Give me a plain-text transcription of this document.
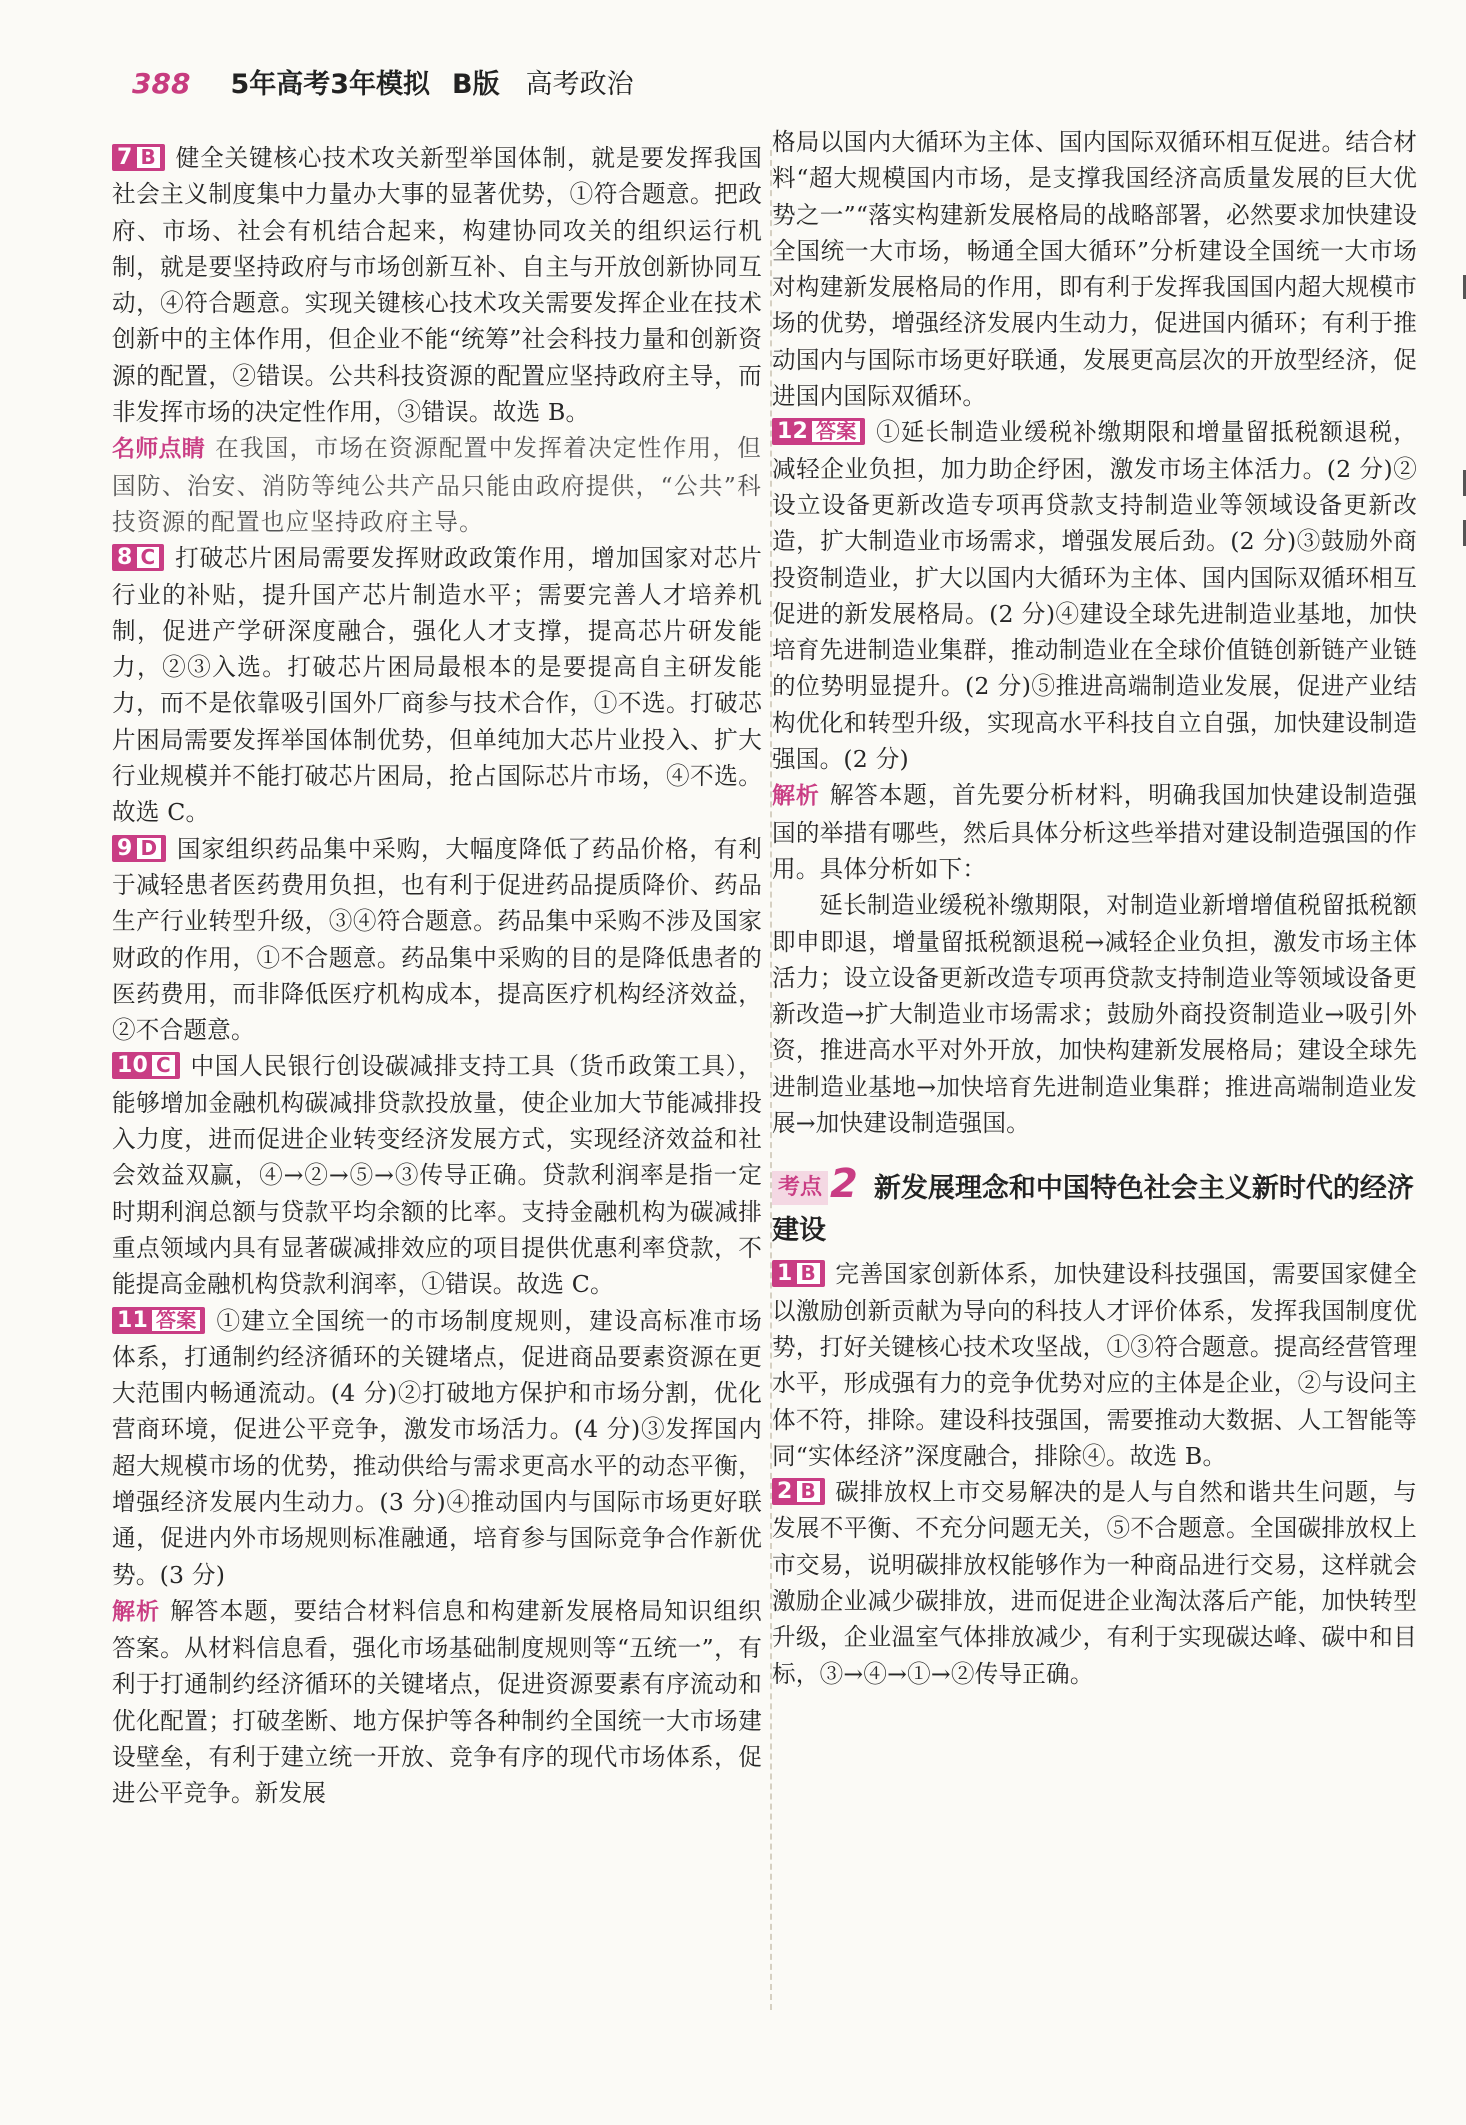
388 5年高考3年模拟 B版 高考政治

7 B 健全关键核心技术攻关新型举国体制，就是要发挥我国社会主义制度集中力量办大事的显著优势，①符合题意。把政府、市场、社会有机结合起来，构建协同攻关的组织运行机制，就是要坚持政府与市场创新互补、自主与开放创新协同互动，④符合题意。实现关键核心技术攻关需要发挥企业在技术创新中的主体作用，但企业不能“统筹”社会科技力量和创新资源的配置，②错误。公共科技资源的配置应坚持政府主导，而非发挥市场的决定性作用，③错误。故选 B。

名师点睛 在我国，市场在资源配置中发挥着决定性作用，但国防、治安、消防等纯公共产品只能由政府提供，“公共”科技资源的配置也应坚持政府主导。

8 C 打破芯片困局需要发挥财政政策作用，增加国家对芯片行业的补贴，提升国产芯片制造水平；需要完善人才培养机制，促进产学研深度融合，强化人才支撑，提高芯片研发能力，②③入选。打破芯片困局最根本的是要提高自主研发能力，而不是依靠吸引国外厂商参与技术合作，①不选。打破芯片困局需要发挥举国体制优势，但单纯加大芯片业投入、扩大行业规模并不能打破芯片困局，抢占国际芯片市场，④不选。故选 C。

9 D 国家组织药品集中采购，大幅度降低了药品价格，有利于减轻患者医药费用负担，也有利于促进药品提质降价、药品生产行业转型升级，③④符合题意。药品集中采购不涉及国家财政的作用，①不合题意。药品集中采购的目的是降低患者的医药费用，而非降低医疗机构成本，提高医疗机构经济效益，②不合题意。

10 C 中国人民银行创设碳减排支持工具（货币政策工具），能够增加金融机构碳减排贷款投放量，使企业加大节能减排投入力度，进而促进企业转变经济发展方式，实现经济效益和社会效益双赢，④→②→⑤→③传导正确。贷款利润率是指一定时期利润总额与贷款平均余额的比率。支持金融机构为碳减排重点领域内具有显著碳减排效应的项目提供优惠利率贷款，不能提高金融机构贷款利润率，①错误。故选 C。

11 答案 ①建立全国统一的市场制度规则，建设高标准市场体系，打通制约经济循环的关键堵点，促进商品要素资源在更大范围内畅通流动。(4 分)②打破地方保护和市场分割，优化营商环境，促进公平竞争，激发市场活力。(4 分)③发挥国内超大规模市场的优势，推动供给与需求更高水平的动态平衡，增强经济发展内生动力。(3 分)④推动国内与国际市场更好联通，促进内外市场规则标准融通，培育参与国际竞争合作新优势。(3 分)

解析 解答本题，要结合材料信息和构建新发展格局知识组织答案。从材料信息看，强化市场基础制度规则等“五统一”，有利于打通制约经济循环的关键堵点，促进资源要素有序流动和优化配置；打破垄断、地方保护等各种制约全国统一大市场建设壁垒，有利于建立统一开放、竞争有序的现代市场体系，促进公平竞争。新发展

格局以国内大循环为主体、国内国际双循环相互促进。结合材料“超大规模国内市场，是支撑我国经济高质量发展的巨大优势之一”“落实构建新发展格局的战略部署，必然要求加快建设全国统一大市场，畅通全国大循环”分析建设全国统一大市场对构建新发展格局的作用，即有利于发挥我国国内超大规模市场的优势，增强经济发展内生动力，促进国内循环；有利于推动国内与国际市场更好联通，发展更高层次的开放型经济，促进国内国际双循环。

12 答案 ①延长制造业缓税补缴期限和增量留抵税额退税，减轻企业负担，加力助企纾困，激发市场主体活力。(2 分)②设立设备更新改造专项再贷款支持制造业等领域设备更新改造，扩大制造业市场需求，增强发展后劲。(2 分)③鼓励外商投资制造业，扩大以国内大循环为主体、国内国际双循环相互促进的新发展格局。(2 分)④建设全球先进制造业基地，加快培育先进制造业集群，推动制造业在全球价值链创新链产业链的位势明显提升。(2 分)⑤推进高端制造业发展，促进产业结构优化和转型升级，实现高水平科技自立自强，加快建设制造强国。(2 分)

解析 解答本题，首先要分析材料，明确我国加快建设制造强国的举措有哪些，然后具体分析这些举措对建设制造强国的作用。具体分析如下：

延长制造业缓税补缴期限，对制造业新增增值税留抵税额即申即退，增量留抵税额退税→减轻企业负担，激发市场主体活力；设立设备更新改造专项再贷款支持制造业等领域设备更新改造→扩大制造业市场需求；鼓励外商投资制造业→吸引外资，推进高水平对外开放，加快构建新发展格局；建设全球先进制造业基地→加快培育先进制造业集群；推进高端制造业发展→加快建设制造强国。

考点 2 新发展理念和中国特色社会主义新时代的经济建设

1 B 完善国家创新体系，加快建设科技强国，需要国家健全以激励创新贡献为导向的科技人才评价体系，发挥我国制度优势，打好关键核心技术攻坚战，①③符合题意。提高经营管理水平，形成强有力的竞争优势对应的主体是企业，②与设问主体不符，排除。建设科技强国，需要推动大数据、人工智能等同“实体经济”深度融合，排除④。故选 B。

2 B 碳排放权上市交易解决的是人与自然和谐共生问题，与发展不平衡、不充分问题无关，⑤不合题意。全国碳排放权上市交易，说明碳排放权能够作为一种商品进行交易，这样就会激励企业减少碳排放，进而促进企业淘汰落后产能，加快转型升级，企业温室气体排放减少，有利于实现碳达峰、碳中和目标，③→④→①→②传导正确。
